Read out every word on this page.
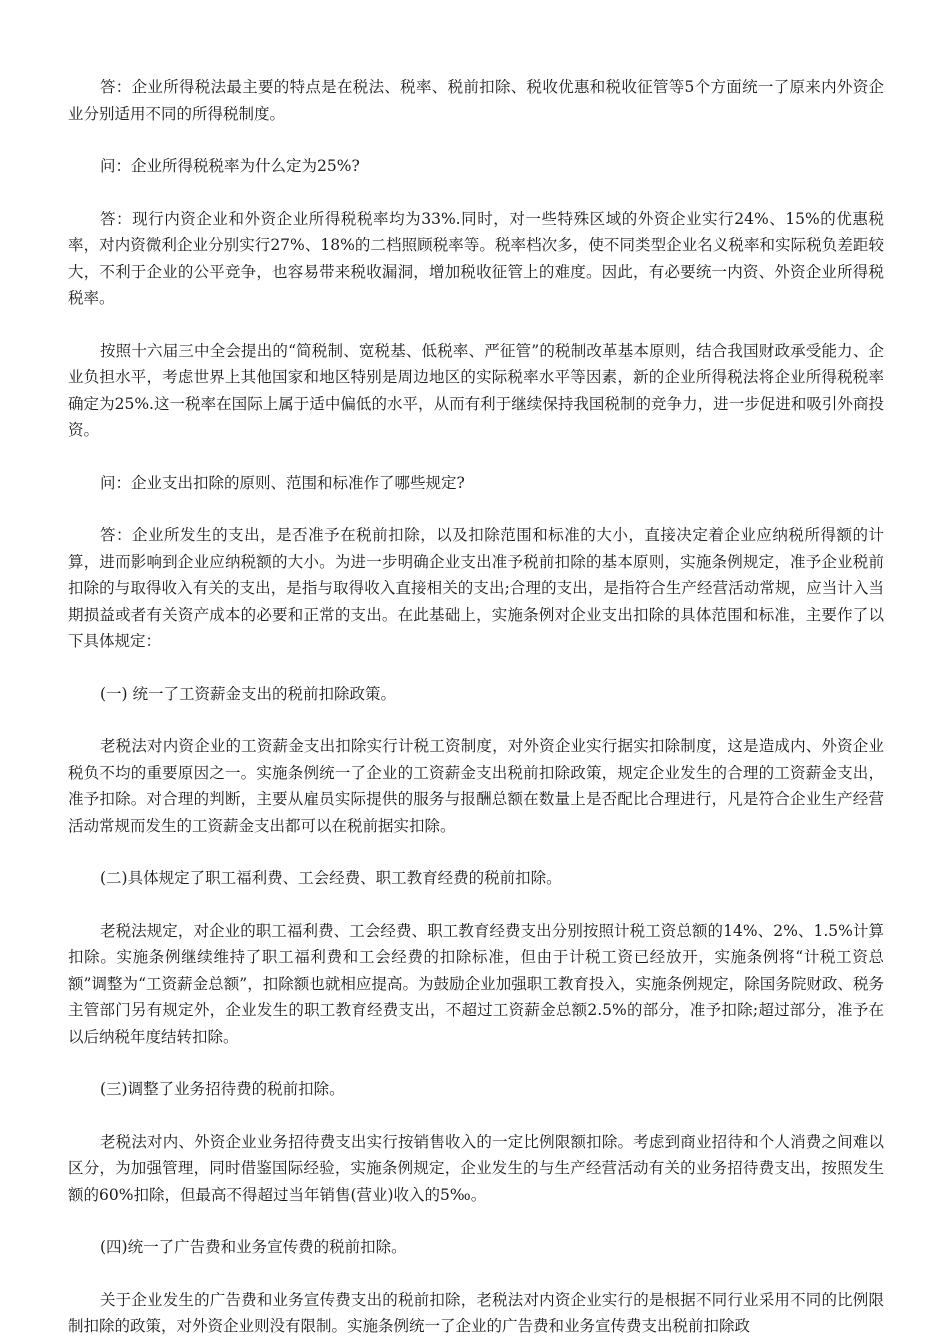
答：企业所得税法最主要的特点是在税法、税率、税前扣除、税收优惠和税收征管等5个方面统一了原来内外资企业分别适用不同的所得税制度。

问：企业所得税税率为什么定为25%?

答：现行内资企业和外资企业所得税税率均为33%.同时，对一些特殊区域的外资企业实行24%、15%的优惠税率，对内资微利企业分别实行27%、18%的二档照顾税率等。税率档次多，使不同类型企业名义税率和实际税负差距较大，不利于企业的公平竞争，也容易带来税收漏洞，增加税收征管上的难度。因此，有必要统一内资、外资企业所得税税率。

按照十六届三中全会提出的“简税制、宽税基、低税率、严征管”的税制改革基本原则，结合我国财政承受能力、企业负担水平，考虑世界上其他国家和地区特别是周边地区的实际税率水平等因素，新的企业所得税法将企业所得税税率确定为25%.这一税率在国际上属于适中偏低的水平，从而有利于继续保持我国税制的竞争力，进一步促进和吸引外商投资。

问：企业支出扣除的原则、范围和标准作了哪些规定?

答：企业所发生的支出，是否准予在税前扣除，以及扣除范围和标准的大小，直接决定着企业应纳税所得额的计算，进而影响到企业应纳税额的大小。为进一步明确企业支出准予税前扣除的基本原则，实施条例规定，准予企业税前扣除的与取得收入有关的支出，是指与取得收入直接相关的支出;合理的支出，是指符合生产经营活动常规，应当计入当期损益或者有关资产成本的必要和正常的支出。在此基础上，实施条例对企业支出扣除的具体范围和标准，主要作了以下具体规定：

(一) 统一了工资薪金支出的税前扣除政策。

老税法对内资企业的工资薪金支出扣除实行计税工资制度，对外资企业实行据实扣除制度，这是造成内、外资企业税负不均的重要原因之一。实施条例统一了企业的工资薪金支出税前扣除政策，规定企业发生的合理的工资薪金支出，准予扣除。对合理的判断，主要从雇员实际提供的服务与报酬总额在数量上是否配比合理进行，凡是符合企业生产经营活动常规而发生的工资薪金支出都可以在税前据实扣除。

(二)具体规定了职工福利费、工会经费、职工教育经费的税前扣除。

老税法规定，对企业的职工福利费、工会经费、职工教育经费支出分别按照计税工资总额的14%、2%、1.5%计算扣除。实施条例继续维持了职工福利费和工会经费的扣除标准，但由于计税工资已经放开，实施条例将“计税工资总额”调整为“工资薪金总额”，扣除额也就相应提高。为鼓励企业加强职工教育投入，实施条例规定，除国务院财政、税务主管部门另有规定外，企业发生的职工教育经费支出，不超过工资薪金总额2.5%的部分，准予扣除;超过部分，准予在以后纳税年度结转扣除。

(三)调整了业务招待费的税前扣除。

老税法对内、外资企业业务招待费支出实行按销售收入的一定比例限额扣除。考虑到商业招待和个人消费之间难以区分，为加强管理，同时借鉴国际经验，实施条例规定，企业发生的与生产经营活动有关的业务招待费支出，按照发生额的60%扣除，但最高不得超过当年销售(营业)收入的5‰。

(四)统一了广告费和业务宣传费的税前扣除。

关于企业发生的广告费和业务宣传费支出的税前扣除，老税法对内资企业实行的是根据不同行业采用不同的比例限制扣除的政策，对外资企业则没有限制。实施条例统一了企业的广告费和业务宣传费支出税前扣除政
